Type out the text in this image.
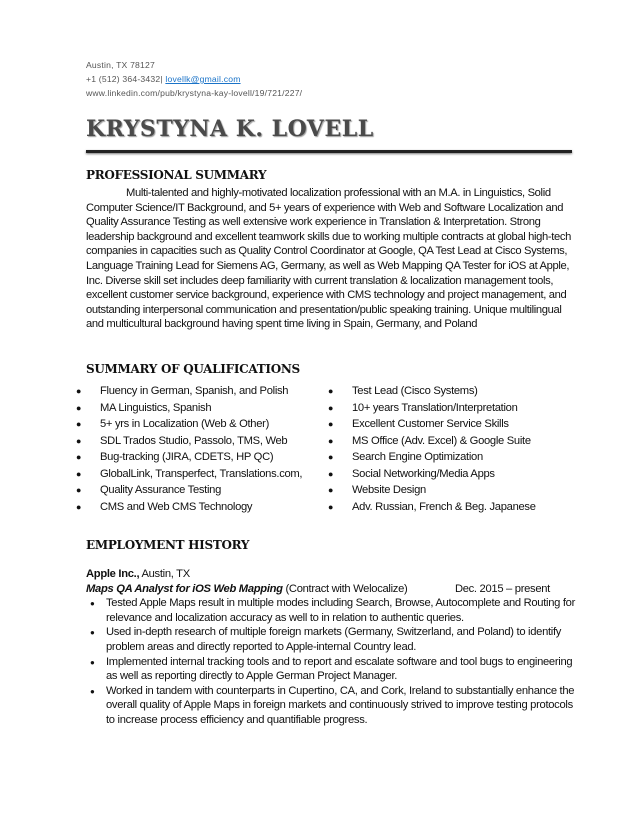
Austin, TX 78127
+1 (512) 364-3432| lovellk@gmail.com
www.linkedin.com/pub/krystyna-kay-lovell/19/721/227/
KRYSTYNA K. LOVELL
PROFESSIONAL SUMMARY
Multi-talented and highly-motivated localization professional with an M.A. in Linguistics, Solid Computer Science/IT Background, and 5+ years of experience with Web and Software Localization and Quality Assurance Testing as well extensive work experience in Translation & Interpretation. Strong leadership background and excellent teamwork skills due to working multiple contracts at global high-tech companies in capacities such as Quality Control Coordinator at Google, QA Test Lead at Cisco Systems, Language Training Lead for Siemens AG, Germany, as well as Web Mapping QA Tester for iOS at Apple, Inc. Diverse skill set includes deep familiarity with current translation & localization management tools, excellent customer service background, experience with CMS technology and project management, and outstanding interpersonal communication and presentation/public speaking training. Unique multilingual and multicultural background having spent time living in Spain, Germany, and Poland
SUMMARY OF QUALIFICATIONS
● Fluency in German, Spanish, and Polish
● MA Linguistics, Spanish
● 5+ yrs in Localization (Web & Other)
● SDL Trados Studio, Passolo, TMS, Web
● Bug-tracking (JIRA, CDETS, HP QC)
● GlobalLink, Transperfect, Translations.com,
● Quality Assurance Testing
● CMS and Web CMS Technology
● Test Lead (Cisco Systems)
● 10+ years Translation/Interpretation
● Excellent Customer Service Skills
● MS Office (Adv. Excel) & Google Suite
● Search Engine Optimization
● Social Networking/Media Apps
● Website Design
● Adv. Russian, French & Beg. Japanese
EMPLOYMENT HISTORY
Apple Inc., Austin, TX
Maps QA Analyst for iOS Web Mapping (Contract with Welocalize)	Dec. 2015 – present
● Tested Apple Maps result in multiple modes including Search, Browse, Autocomplete and Routing for relevance and localization accuracy as well to in relation to authentic queries.
● Used in-depth research of multiple foreign markets (Germany, Switzerland, and Poland) to identify problem areas and directly reported to Apple-internal Country lead.
● Implemented internal tracking tools and to report and escalate software and tool bugs to engineering as well as reporting directly to Apple German Project Manager.
● Worked in tandem with counterparts in Cupertino, CA, and Cork, Ireland to substantially enhance the overall quality of Apple Maps in foreign markets and continuously strived to improve testing protocols to increase process efficiency and quantifiable progress.
